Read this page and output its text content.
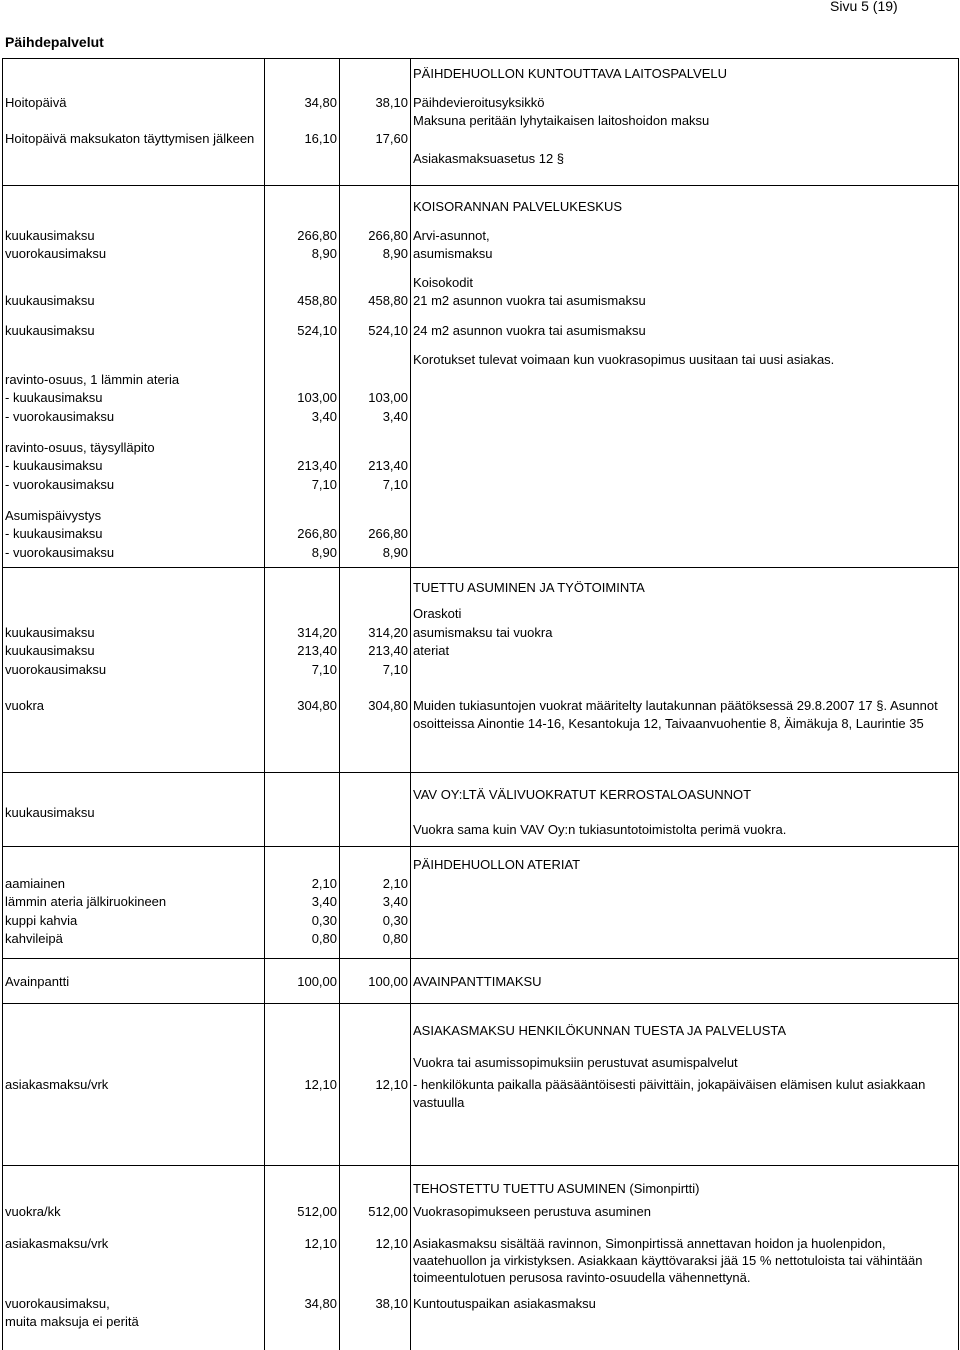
Sivu 5 (19)
Päihdepalvelut
PÄIHDEHUOLLON KUNTOUTTAVA LAITOSPALVELU
Hoitopäivä	34,80	38,10 Päihdevieroitusyksikkö
Maksuna peritään lyhytaikaisen laitoshoidon maksu
Hoitopäivä maksukaton täyttymisen jälkeen	16,10	17,60
Asiakasmaksuasetus 12 §
KOISORANNAN PALVELUKESKUS
kuukausimaksu	266,80	266,80 Arvi-asunnot,
vuorokausimaksu	8,90	8,90 asumismaksu
Koisokodit
kuukausimaksu	458,80	458,80 21 m2 asunnon vuokra tai asumismaksu
kuukausimaksu	524,10	524,10 24 m2 asunnon vuokra tai asumismaksu
Korotukset tulevat voimaan kun vuokrasopimus uusitaan tai uusi asiakas.
ravinto-osuus, 1 lämmin ateria
- kuukausimaksu	103,00	103,00
- vuorokausimaksu	3,40	3,40
ravinto-osuus, täysylläpito
- kuukausimaksu	213,40	213,40
- vuorokausimaksu	7,10	7,10
Asumispäivystys
- kuukausimaksu	266,80	266,80
- vuorokausimaksu	8,90	8,90
TUETTU ASUMINEN JA TYÖTOIMINTA
Oraskoti
kuukausimaksu	314,20	314,20 asumismaksu tai vuokra
kuukausimaksu	213,40	213,40 ateriat
vuorokausimaksu	7,10	7,10
vuokra	304,80	304,80 Muiden tukiasuntojen vuokrat määritelty lautakunnan päätöksessä 29.8.2007 17 §. Asunnot
osoitteissa Ainontie 14-16, Kesantokuja 12, Taivaanvuohentie 8, Äimäkuja 8, Laurintie 35
VAV OY:LTÄ VÄLIVUOKRATUT KERROSTALOASUNNOT
kuukausimaksu
Vuokra sama kuin VAV Oy:n tukiasuntotoimistolta perimä vuokra.
PÄIHDEHUOLLON ATERIAT
aamiainen	2,10	2,10
lämmin ateria jälkiruokineen	3,40	3,40
kuppi kahvia	0,30	0,30
kahvileipä	0,80	0,80
Avainpantti	100,00	100,00 AVAINPANTTIMAKSU
ASIAKASMAKSU HENKILÖKUNNAN TUESTA JA PALVELUSTA
Vuokra tai asumissopimuksiin perustuvat asumispalvelut
asiakasmaksu/vrk	12,10	12,10 - henkilökunta paikalla pääsääntöisesti päivittäin, jokapäiväisen elämisen kulut asiakkaan
vastuulla
TEHOSTETTU TUETTU ASUMINEN (Simonpirtti)
vuokra/kk	512,00	512,00 Vuokrasopimukseen perustuva asuminen
asiakasmaksu/vrk	12,10	12,10 Asiakasmaksu sisältää ravinnon, Simonpirtissä annettavan hoidon ja huolenpidon,
vaatehuollon ja virkistyksen. Asiakkaan käyttövaraksi jää 15 % nettotuloista tai vähintään
toimeentulotuen perusosa ravinto-osuudella vähennettynä.
vuorokausimaksu,	34,80	38,10 Kuntoutuspaikan asiakasmaksu
muita maksuja ei peritä
